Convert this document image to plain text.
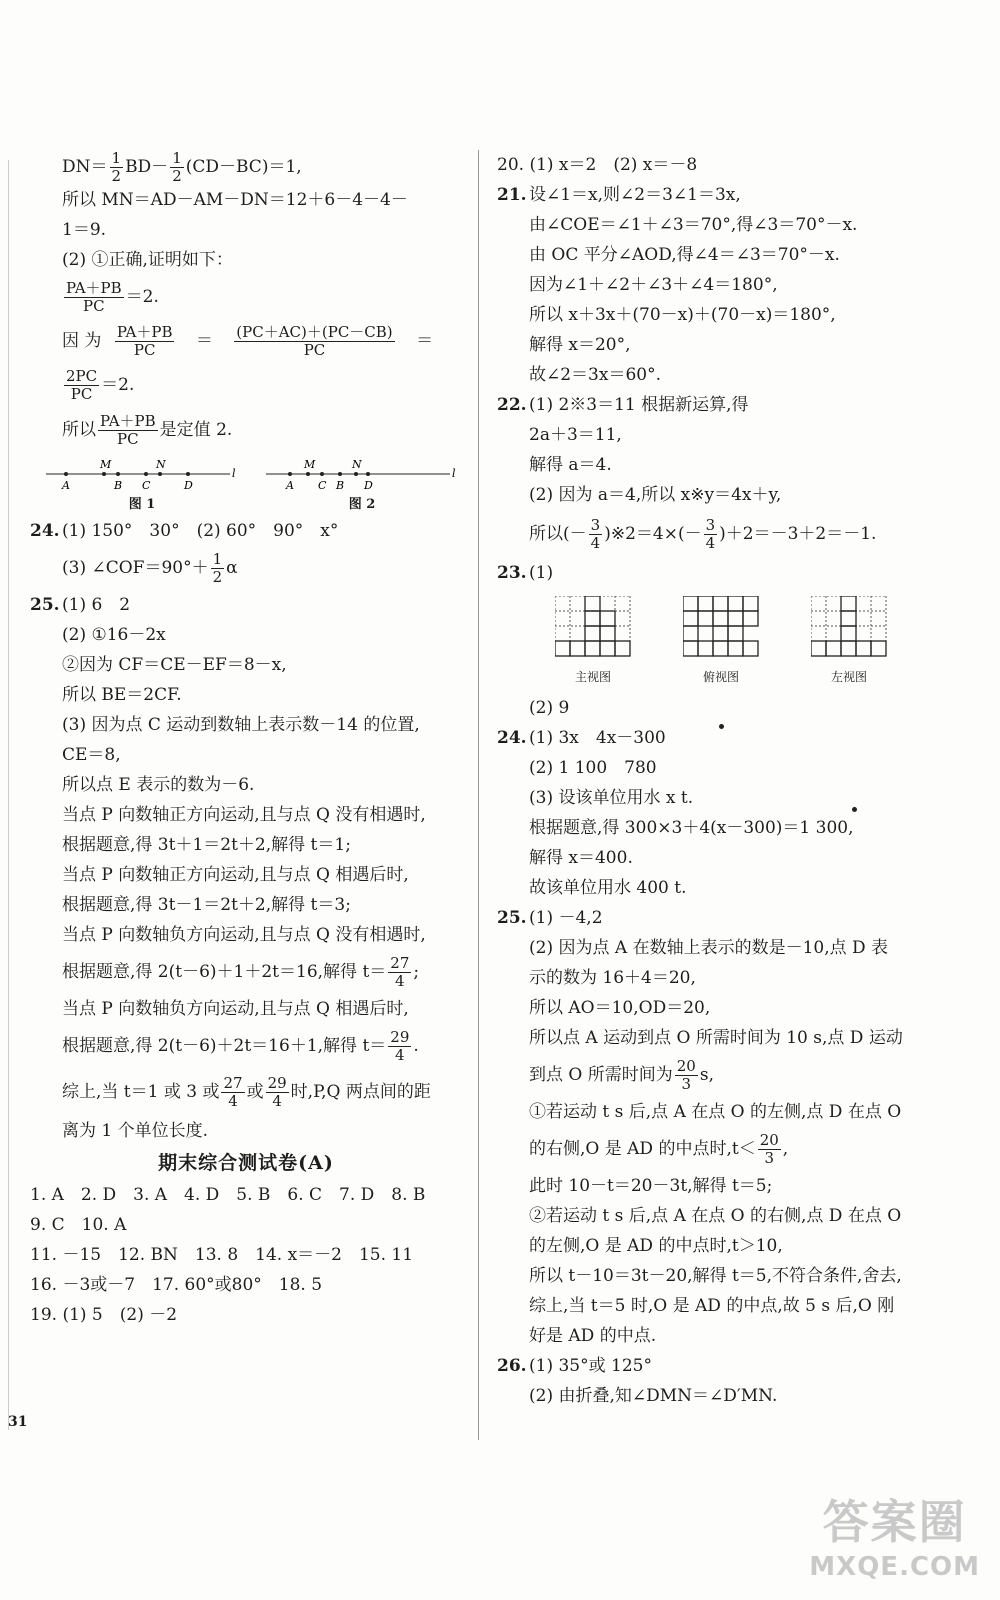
$DN= \frac{1}{2} BD- \frac{1}{2} (CD-BC)=1$,
所以 MN＝AD－AM－DN＝12＋6－4－4－
1＝9.
(2) ①正确,证明如下：
$\frac{PA+PB}{PC} =2$.
因 为 $\frac{PA+PB}{PC} = \frac{(PC+AC)+(PC-CB)}{PC}$ ＝
$\frac{2PC}{PC} =2$.
所以 $\frac{PA+PB}{PC}$ 是定值 2.
A
M
B C
N
D
l
图 1
A
M
C B
N
D
l
图 2
24. (1) 150°　30°　(2) 60°　90°　x°
(3) ∠COF＝90°＋ $\frac{1}{2}$ α
25. (1) 6　2
(2) ①16－2x
②因为 CF＝CE－EF＝8－x,
所以 BE＝2CF.
(3) 因为点 C 运动到数轴上表示数－14 的位置,
CE＝8,
所以点 E 表示的数为－6.
当点 P 向数轴正方向运动,且与点 Q 没有相遇时,
根据题意,得 3t＋1＝2t＋2,解得 t＝1;
当点 P 向数轴正方向运动,且与点 Q 相遇后时,
根据题意,得 3t－1＝2t＋2,解得 t＝3;
当点 P 向数轴负方向运动,且与点 Q 没有相遇时,
根据题意,得 2(t－6)＋1＋2t＝16,解得 $t= \frac{27}{4}$ ;
当点 P 向数轴负方向运动,且与点 Q 相遇后时,
根据题意,得 2(t－6)＋2t＝16＋1,解得 $t= \frac{29}{4}$ .
综上,当 t＝1 或 3 或 $\frac{27}{4}$ 或 $\frac{29}{4}$ 时,P,Q 两点间的距
离为 1 个单位长度.
期末综合测试卷(A)
1. A　2. D　3. A　4. D　5. B　6. C　7. D　8. B
9. C　10. A
11. －15　12. BN　13. 8　14. x＝－2　15. 11
16. －3或－7　17. 60°或80°　18. 5
19. (1) 5　(2) －2
20. (1) x＝2　(2) x＝－8
21. 设∠1＝x,则∠2＝3∠1＝3x,
由∠COE＝∠1＋∠3＝70°,得∠3＝70°－x.
由 OC 平分∠AOD,得∠4＝∠3＝70°－x.
因为∠1＋∠2＋∠3＋∠4＝180°,
所以 x＋3x＋(70－x)＋(70－x)＝180°,
解得 x＝20°,
故∠2＝3x＝60°.
22. (1) 2※3＝11 根据新运算,得
2a＋3＝11,
解得 a＝4.
(2) 因为 a＝4,所以 x※y＝4x＋y,
所以(－ $\frac{3}{4}$ )※2＝4×(－ $\frac{3}{4} )+2=-3+2=-1$.
23. (1)
主视图	俯视图	左视图
(2) 9
24. (1) 3x　4x－300
(2) 1 100　780
(3) 设该单位用水 x t.
根据题意,得 300×3＋4(x－300)＝1 300,
解得 x＝400.
故该单位用水 400 t.
25. (1) －4,2
(2) 因为点 A 在数轴上表示的数是－10,点 D 表
示的数为 16＋4＝20,
所以 AO＝10,OD＝20,
所以点 A 运动到点 O 所需时间为 10 s,点 D 运动
到点 O 所需时间为 $\frac{20}{3} s$,
①若运动 t s 后,点 A 在点 O 的左侧,点 D 在点 O
的右侧,O 是 AD 的中点时$,t< \frac{20}{3}$ ,
此时 10－t＝20－3t,解得 t＝5;
②若运动 t s 后,点 A 在点 O 的右侧,点 D 在点 O
的左侧,O 是 AD 的中点时,t＞10,
所以 t－10＝3t－20,解得 t＝5,不符合条件,舍去,
综上,当 t＝5 时,O 是 AD 的中点,故 5 s 后,O 刚
好是 AD 的中点.
26. (1) 35°或 125°
(2) 由折叠,知∠DMN＝∠D′MN.
31
答案圈
MXQE.COM
